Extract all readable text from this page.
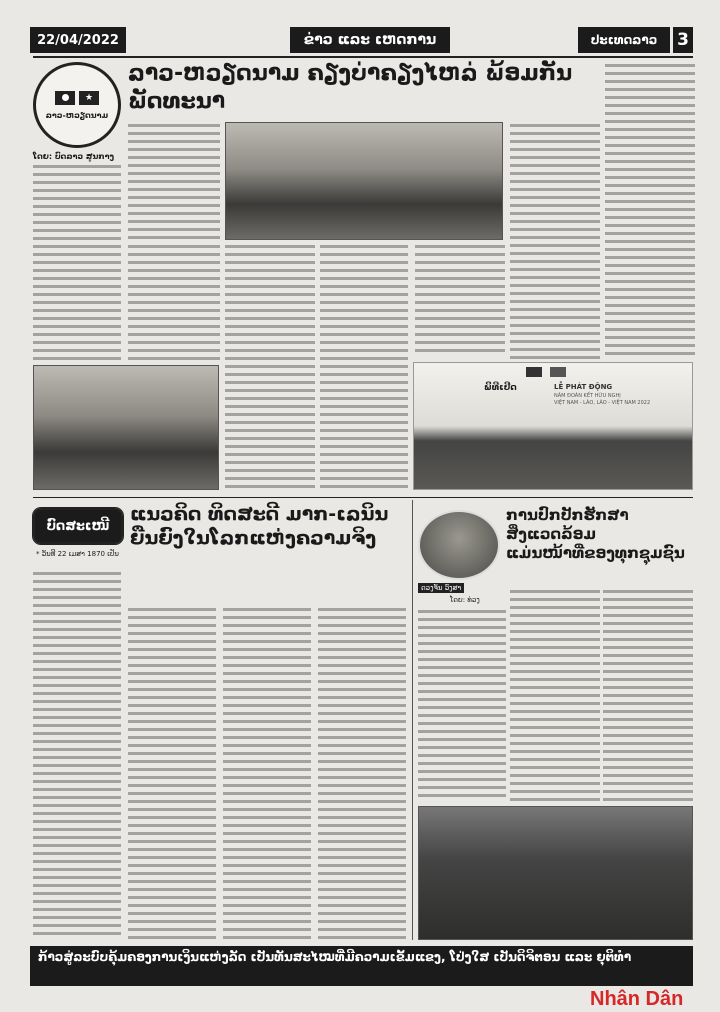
22/04/2022	ຂ່າວ ແລະ ເຫດການ	ປະເທດລາວ	3
★
ລາວ-ຫວຽດນາມ
ລາວ-ຫວຽດນາມ ຄຽງບ່າຄຽງໄຫລ່ ພ້ອມກັນພັດທະນາ
ໂດຍ: ບົດລາວ ສູນກາງ
ພິທີເປີດ	LỄ PHÁT ĐỘNG
NĂM ĐOÀN KẾT HỮU NGHỊ
VIỆT NAM - LÀO, LÀO - VIỆT NAM 2022
ບົດສະເໜີ
ແນວຄິດ ທິດສະດີ ມາກ-ເລນິນ
ຍືນຍົງໃນໂລກແຫ່ງຄວາມຈິງ
* ວັນທີ 22 ເມສາ 1870 ເປັນ
ດວງຈັນ ວົງສາ
ໂດຍ: ທ່ວງ
ການປົກປັກຮັກສາສິ່ງແວດລ້ອມ
ແມ່ນໜ້າທີ່ຂອງທຸກຊຸມຊົນ
ກ້າວສູ່ລະບົບຄຸ້ມຄອງການເງິນແຫ່ງລັດ ເປັນທັນສະໄໝທີ່ມີຄວາມເຂັ້ມແຂງ, ໂປ່ງໃສ ເປັນດິຈິຕອນ ແລະ ຍຸຕິທຳ
Nhân Dân
